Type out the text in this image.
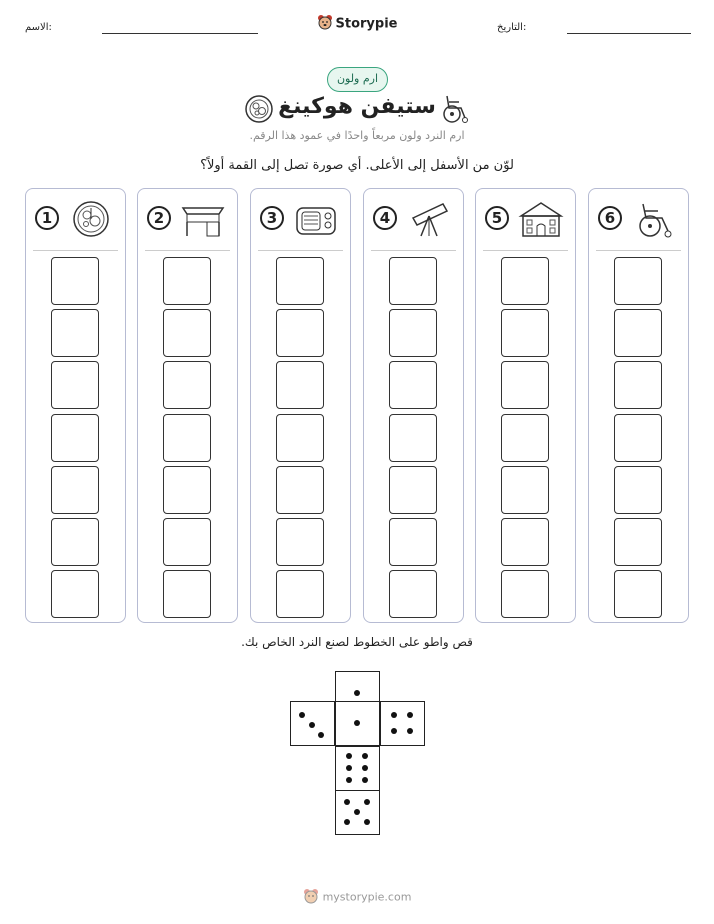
الاسم:	Storypie	التاريخ:
ارم ولون
ستيفن هوكينغ
ارم النرد ولون مربعاً واحدًا في عمود هذا الرقم.
لوّن من الأسفل إلى الأعلى. أي صورة تصل إلى القمة أولاً؟
1	2	3	4	5	6
قص واطو على الخطوط لصنع النرد الخاص بك.
mystorypie.com
